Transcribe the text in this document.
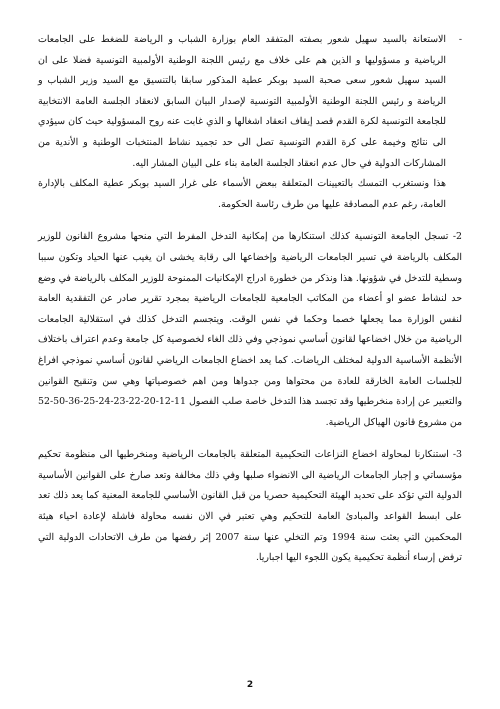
-

الاستعانة بالسيد سهيل شعور بصفته المتفقد العام بوزارة الشباب و الرياضة للضغط على الجامعات الرياضية و مسؤوليها و الذين هم على خلاف مع رئيس اللجنة الوطنية الأولمبية التونسية فضلا على ان السيد سهيل شعور سعى صحبة السيد بوبكر عطية المذكور سابقا بالتنسيق مع السيد وزير الشباب و الرياضة و رئيس اللجنة الوطنية الأولمبية التونسية لإصدار البيان السابق لانعقاد الجلسة العامة الانتخابية للجامعة التونسية لكرة القدم قصد إيقاف انعقاد اشغالها و الذي غابت عنه روح المسؤولية حيث كان سيؤدي الى نتائج وخيمة على كرة القدم التونسية تصل الى حد تجميد نشاط المنتخبات الوطنية و الأندية من المشاركات الدولية في حال عدم انعقاد الجلسة العامة بناء على البيان المشار اليه.

هذا ونستغرب التمسك بالتعيينات المتعلقة ببعض الأسماء على غرار السيد بوبكر عطية المكلف بالإدارة العامة، رغم عدم المصادقة عليها من طرف رئاسة الحكومة.

2- تسجل الجامعة التونسية كذلك استنكارها من إمكانية التدخل المفرط التي منحها مشروع القانون للوزير المكلف بالرياضة في تسير الجامعات الرياضية وإخضاعها الى رقابة يخشى ان يغيب عنها الحياد وتكون سببا وسطية للتدخل في شؤونها. هذا ونذكر من خطورة ادراج الإمكانيات الممنوحة للوزير المكلف بالرياضة في وضع حد لنشاط عضو او أعضاء من المكاتب الجامعية للجامعات الرياضية بمجرد تقرير صادر عن التفقدية العامة لنفس الوزارة مما يجعلها خصما وحكما في نفس الوقت. ويتجسم التدخل كذلك في استقلالية الجامعات الرياضية من خلال اخضاعها لقانون أساسي نموذجي وفي ذلك الغاء لخصوصية كل جامعة وعدم اعتراف باختلاف الأنظمة الأساسية الدولية لمختلف الرياضات. كما يعد اخضاع الجامعات الرياضي لقانون أساسي نموذجي افراغ للجلسات العامة الخارقة للعادة من محتواها ومن جدواها ومن اهم خصوصياتها وهي سن وتنقيح القوانين والتعبير عن إرادة منخرطيها وقد تجسد هذا التدخل خاصة صلب الفصول 11-12-20-22-23-24-25-36-50-52 من مشروع قانون الهياكل الرياضية.

3- استنكارنا لمحاولة اخضاع النزاعات التحكيمية المتعلقة بالجامعات الرياضية ومنخرطيها الى منظومة تحكيم مؤسساتي و إجبار الجامعات الرياضية الى الانضواء صلبها وفي ذلك مخالفة وتعد صارخ على القوانين الأساسية الدولية التي تؤكد على تحديد الهيئة التحكيمية حصريا من قبل القانون الأساسي للجامعة المعنية كما يعد ذلك تعد على ابسط القواعد والمبادئ العامة للتحكيم وهي تعتبر في الان نفسه محاولة فاشلة لإعادة احياء هيئة المحكمين التي بعثت سنة 1994 وتم التخلي عنها سنة 2007 إثر رفضها من طرف الاتحادات الدولية التي ترفض إرساء أنظمة تحكيمية يكون اللجوء اليها اجباريا.

2
